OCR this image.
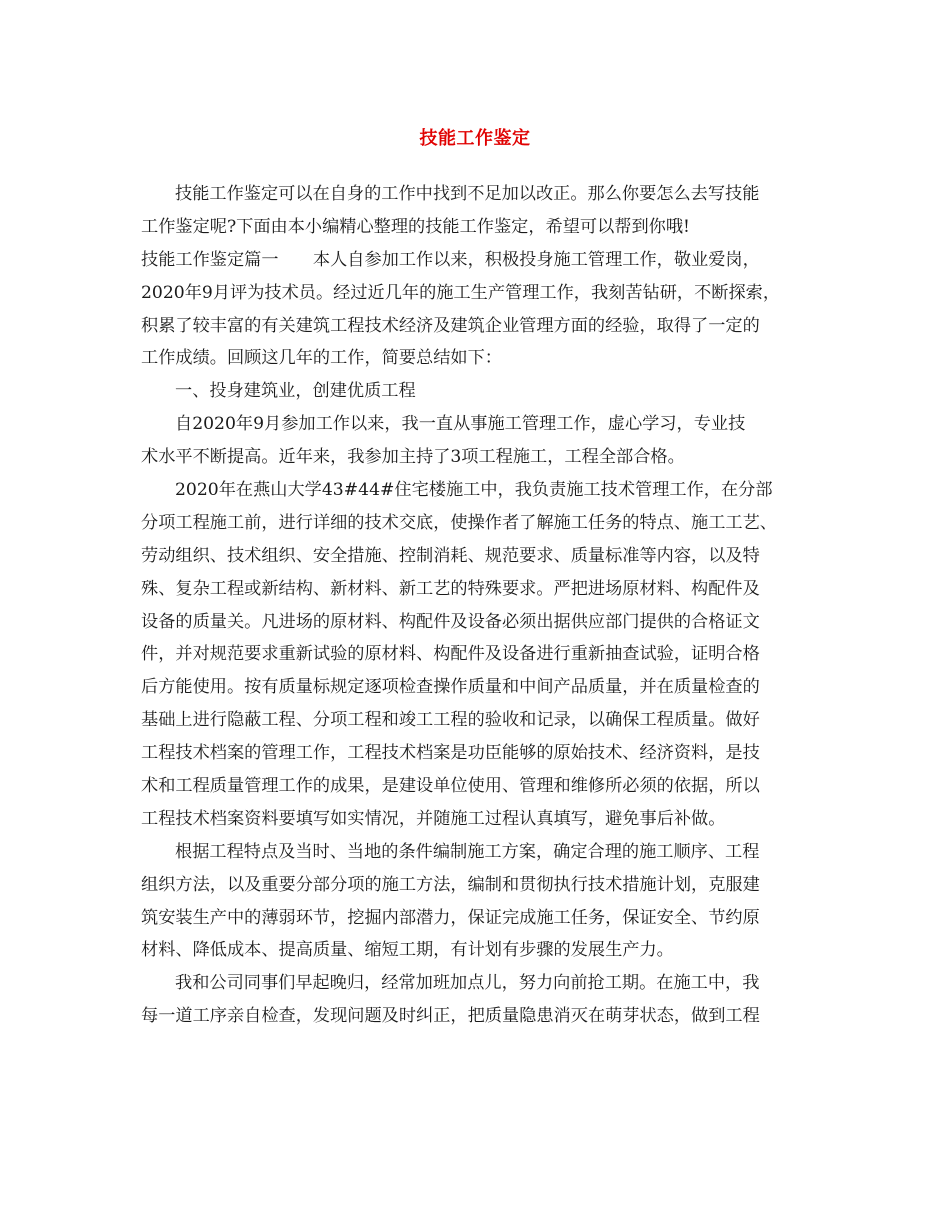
技能工作鉴定
技能工作鉴定可以在自身的工作中找到不足加以改正。那么你要怎么去写技能
工作鉴定呢?下面由本小编精心整理的技能工作鉴定，希望可以帮到你哦!
技能工作鉴定篇一　　本人自参加工作以来，积极投身施工管理工作，敬业爱岗，
2020年9月评为技术员。经过近几年的施工生产管理工作，我刻苦钻研，不断探索，
积累了较丰富的有关建筑工程技术经济及建筑企业管理方面的经验，取得了一定的
工作成绩。回顾这几年的工作，简要总结如下：
一、投身建筑业，创建优质工程
自2020年9月参加工作以来，我一直从事施工管理工作，虚心学习，专业技
术水平不断提高。近年来，我参加主持了3项工程施工，工程全部合格。
2020年在燕山大学43#44#住宅楼施工中，我负责施工技术管理工作，在分部
分项工程施工前，进行详细的技术交底，使操作者了解施工任务的特点、施工工艺、
劳动组织、技术组织、安全措施、控制消耗、规范要求、质量标准等内容，以及特
殊、复杂工程或新结构、新材料、新工艺的特殊要求。严把进场原材料、构配件及
设备的质量关。凡进场的原材料、构配件及设备必须出据供应部门提供的合格证文
件，并对规范要求重新试验的原材料、构配件及设备进行重新抽查试验，证明合格
后方能使用。按有质量标规定逐项检查操作质量和中间产品质量，并在质量检查的
基础上进行隐蔽工程、分项工程和竣工工程的验收和记录，以确保工程质量。做好
工程技术档案的管理工作，工程技术档案是功臣能够的原始技术、经济资料，是技
术和工程质量管理工作的成果，是建设单位使用、管理和维修所必须的依据，所以
工程技术档案资料要填写如实情况，并随施工过程认真填写，避免事后补做。
根据工程特点及当时、当地的条件编制施工方案，确定合理的施工顺序、工程
组织方法，以及重要分部分项的施工方法，编制和贯彻执行技术措施计划，克服建
筑安装生产中的薄弱环节，挖掘内部潜力，保证完成施工任务，保证安全、节约原
材料、降低成本、提高质量、缩短工期，有计划有步骤的发展生产力。
我和公司同事们早起晚归，经常加班加点儿，努力向前抢工期。在施工中，我
每一道工序亲自检查，发现问题及时纠正，把质量隐患消灭在萌芽状态，做到工程
